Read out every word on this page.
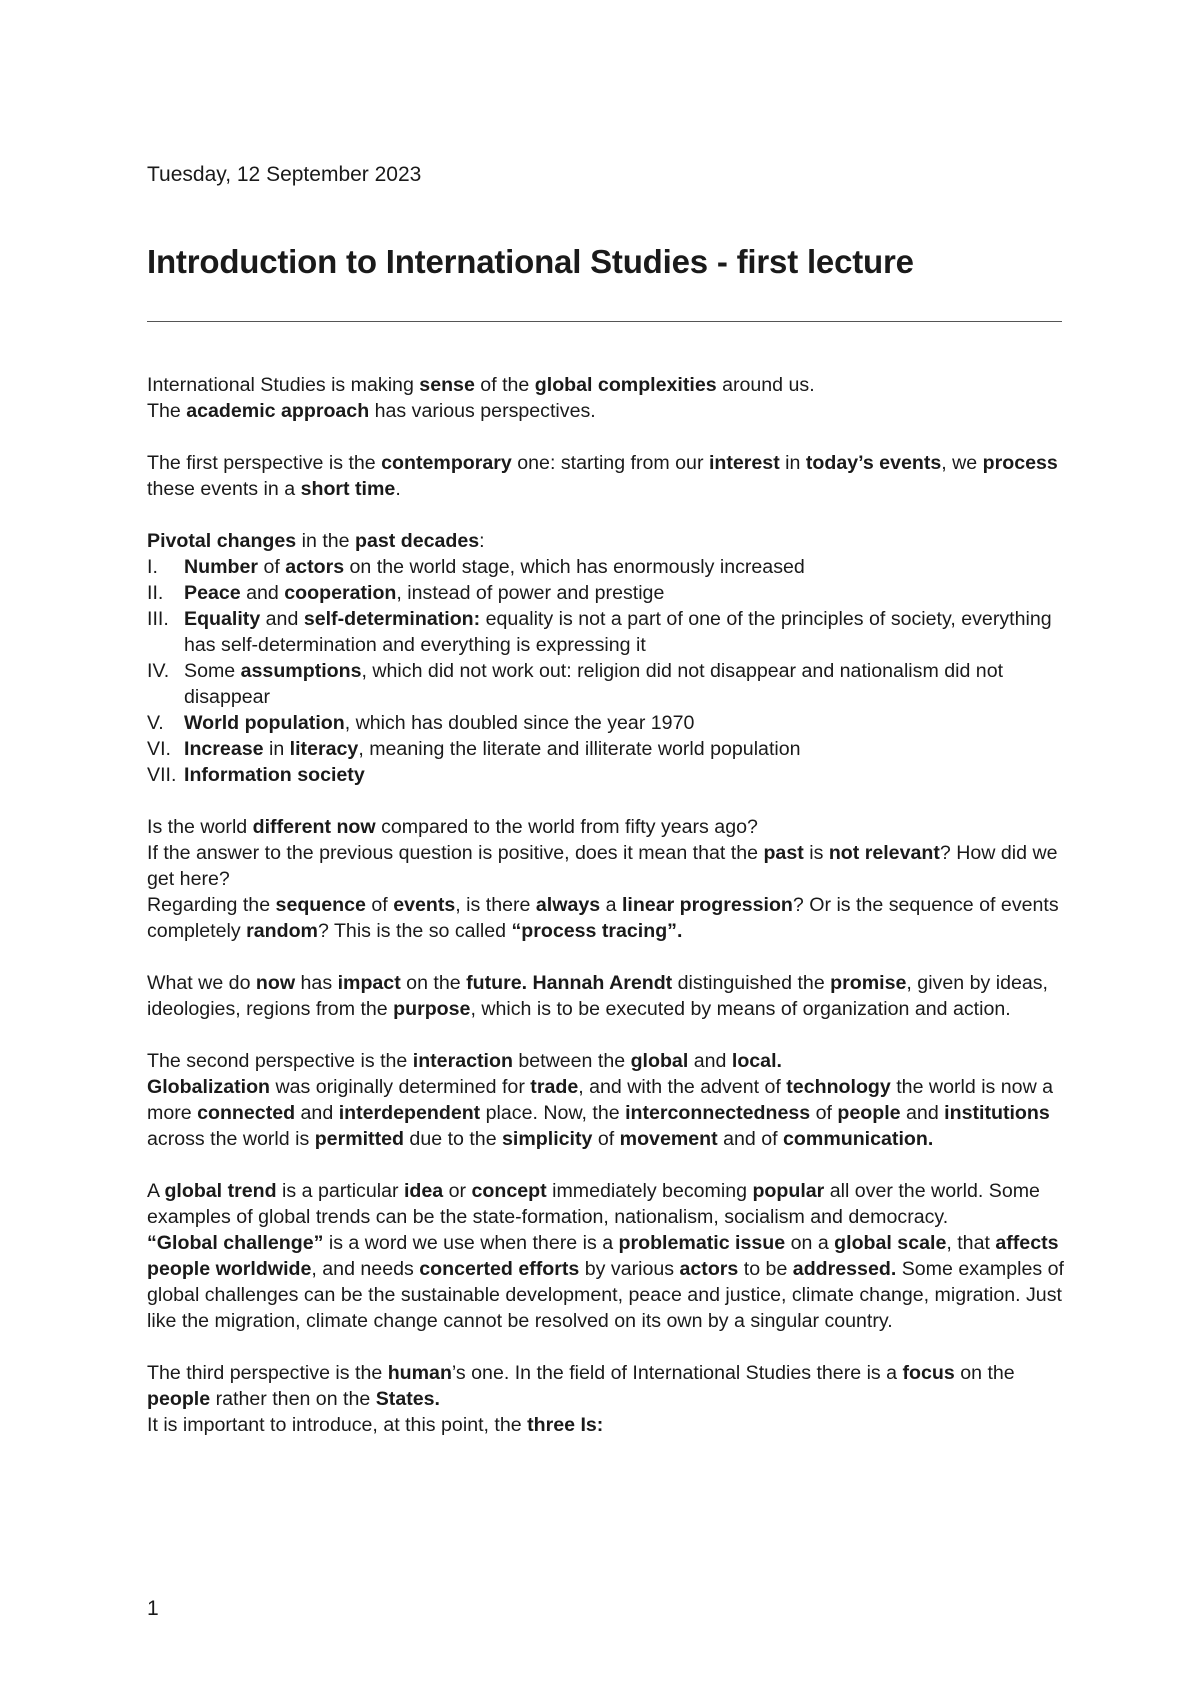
Tuesday, 12 September 2023

Introduction to International Studies - first lecture

International Studies is making sense of the global complexities around us.
The academic approach has various perspectives.

The first perspective is the contemporary one: starting from our interest in today’s events, we process these events in a short time.

Pivotal changes in the past decades:

I. Number of actors on the world stage, which has enormously increased
II. Peace and cooperation, instead of power and prestige
III. Equality and self-determination: equality is not a part of one of the principles of society, everything has self-determination and everything is expressing it
IV. Some assumptions, which did not work out: religion did not disappear and nationalism did not disappear
V. World population, which has doubled since the year 1970
VI. Increase in literacy, meaning the literate and illiterate world population
VII. Information society

Is the world different now compared to the world from fifty years ago?
If the answer to the previous question is positive, does it mean that the past is not relevant? How did we get here?
Regarding the sequence of events, is there always a linear progression? Or is the sequence of events completely random? This is the so called “process tracing”.

What we do now has impact on the future. Hannah Arendt distinguished the promise, given by ideas, ideologies, regions from the purpose, which is to be executed by means of organization and action.

The second perspective is the interaction between the global and local.
Globalization was originally determined for trade, and with the advent of technology the world is now a more connected and interdependent place. Now, the interconnectedness of people and institutions across the world is permitted due to the simplicity of movement and of communication.

A global trend is a particular idea or concept immediately becoming popular all over the world. Some examples of global trends can be the state-formation, nationalism, socialism and democracy.
“Global challenge” is a word we use when there is a problematic issue on a global scale, that affects people worldwide, and needs concerted efforts by various actors to be addressed. Some examples of global challenges can be the sustainable development, peace and justice, climate change, migration. Just like the migration, climate change cannot be resolved on its own by a singular country.

The third perspective is the human’s one. In the field of International Studies there is a focus on the people rather then on the States.
It is important to introduce, at this point, the three Is:

1
